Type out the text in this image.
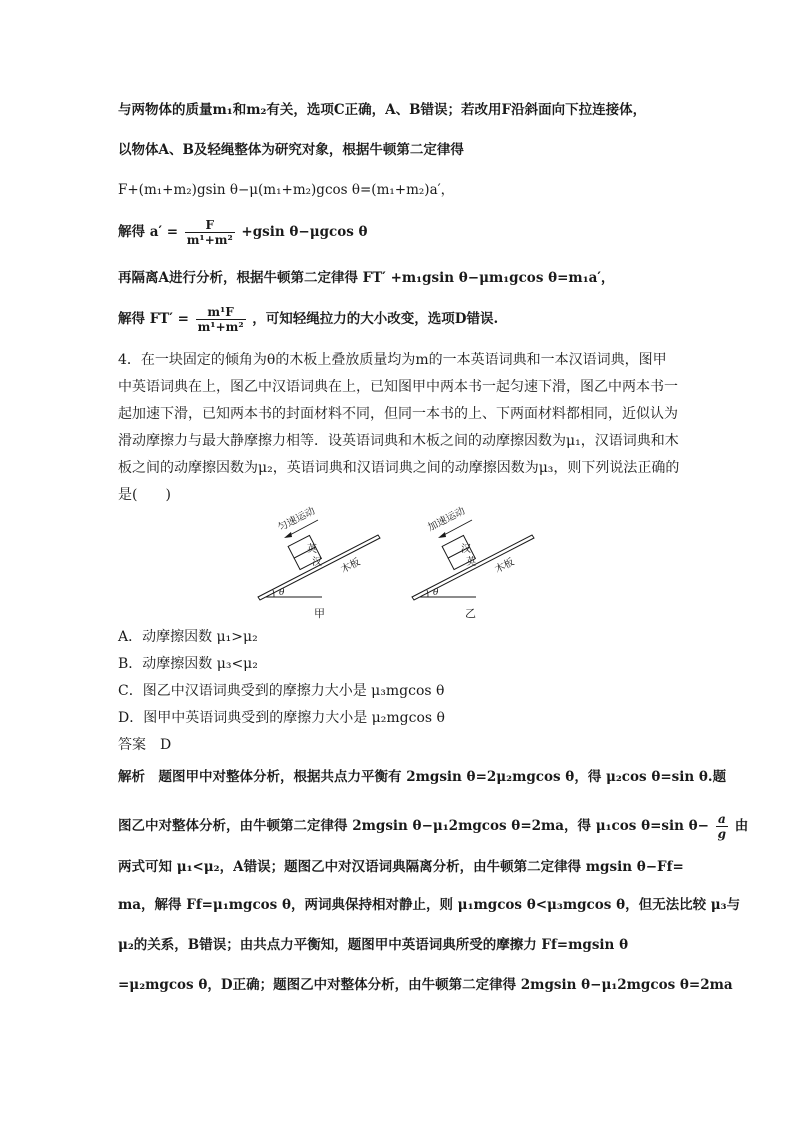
与两物体的质量m₁和m₂有关，选项C正确，A、B错误；若改用F沿斜面向下拉连接体，
以物体A、B及轻绳整体为研究对象，根据牛顿第二定律得
F+(m₁+m₂)gsin θ−μ(m₁+m₂)gcos θ=(m₁+m₂)a′，
解得 $a' = \frac{F}{\text{m¹+m²}} +gsin$ θ−μgcos θ
再隔离A进行分析，根据牛顿第二定律得 FT′ +m₁gsin θ−μm₁gcos θ=m₁a′，
解得 $FT' = \frac{\text{m¹F}}{\text{m¹+m²}}$ ，可知轻绳拉力的大小改变，选项D错误.
4．在一块固定的倾角为θ的木板上叠放质量均为m的一本英语词典和一本汉语词典，图甲
中英语词典在上，图乙中汉语词典在上，已知图甲中两本书一起匀速下滑，图乙中两本书一
起加速下滑，已知两本书的封面材料不同，但同一本书的上、下两面材料都相同，近似认为
滑动摩擦力与最大静摩擦力相等．设英语词典和木板之间的动摩擦因数为μ₁，汉语词典和木
板之间的动摩擦因数为μ₂，英语词典和汉语词典之间的动摩擦因数为μ₃，则下列说法正确的
是(　　)
θ
英
汉
匀速运动
木板
甲
θ
汉
英
加速运动
木板
乙
A．动摩擦因数 μ₁>μ₂
B．动摩擦因数 μ₃<μ₂
C．图乙中汉语词典受到的摩擦力大小是 μ₃mgcos θ
D．图甲中英语词典受到的摩擦力大小是 μ₂mgcos θ
答案 D
解析　题图甲中对整体分析，根据共点力平衡有 2mgsin θ=2μ₂mgcos θ，得 μ₂cos θ=sin θ.题
图乙中对整体分析，由牛顿第二定律得 2mgsin θ−μ₁2mgcos θ=2ma，得 μ₁cos θ=sin $\theta- \frac{a}{g}$ 由
两式可知 μ₁<μ₂，A错误；题图乙中对汉语词典隔离分析，由牛顿第二定律得 mgsin θ−Ff=
ma，解得 Ff=μ₁mgcos θ，两词典保持相对静止，则 μ₁mgcos θ<μ₃mgcos θ，但无法比较 μ₃与
μ₂的关系，B错误；由共点力平衡知，题图甲中英语词典所受的摩擦力 Ff=mgsin θ
=μ₂mgcos θ，D正确；题图乙中对整体分析，由牛顿第二定律得 2mgsin θ−μ₁2mgcos θ=2ma
